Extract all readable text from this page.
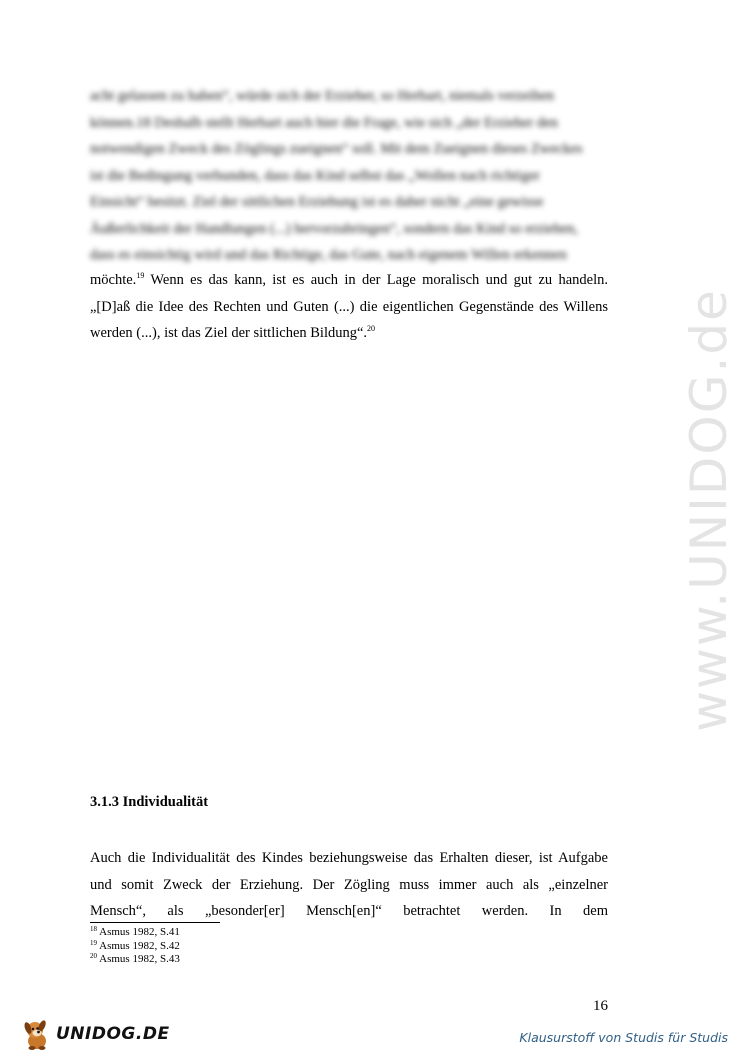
www.UNIDOG.de
acht gelassen zu haben“, würde sich der Erzieher, so Herbart, niemals verzeihen
können.18 Deshalb stellt Herbart auch hier die Frage, wie sich „der Erzieher den
notwendigen Zweck des Zöglings zueignen“ soll. Mit dem Zueignen dieses Zweckes
ist die Bedingung verbunden, dass das Kind selbst das „Wollen nach richtiger
Einsicht“ besitzt. Ziel der sittlichen Erziehung ist es daher nicht „eine gewisse
Äußerlichkeit der Handlungen (...) hervorzubringen“, sondern das Kind so erziehen,
dass es einsichtig wird und das Richtige, das Gute, nach eigenem Willen erkennen

möchte.$^{19}$ Wenn es das kann, ist es auch in der Lage moralisch und gut zu handeln. „[D]aß die Idee des Rechten und Guten (...) die eigentlichen Gegenstände des Willens werden (...), ist das Ziel der sittlichen Bildung“.$^{20}$

3.1.3 Individualität
Auch die Individualität des Kindes beziehungsweise das Erhalten dieser, ist Aufgabe
und somit Zweck der Erziehung. Der Zögling muss immer auch als „einzelner
Mensch“, als „besonder[er] Mensch[en]“ betrachtet werden. In dem
$^{18}$ Asmus 1982, S.41
$^{19}$ Asmus 1982, S.42
$^{20}$ Asmus 1982, S.43
16
UNIDOG.DE	Klausurstoff von Studis für Studis
